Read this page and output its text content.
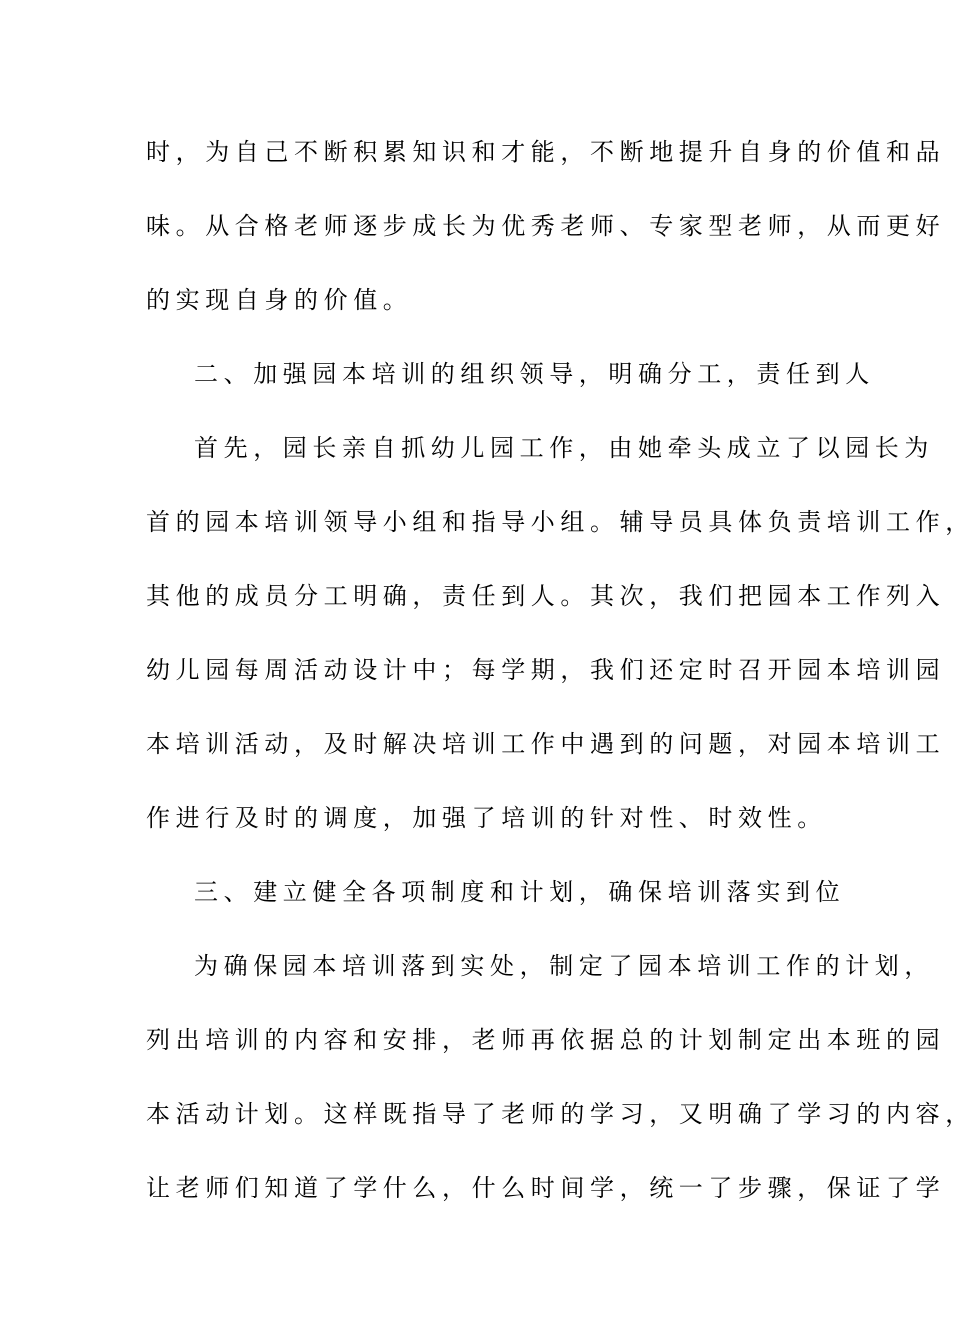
时，为自己不断积累知识和才能，不断地提升自身的价值和品
味。从合格老师逐步成长为优秀老师、专家型老师，从而更好
的实现自身的价值。
二、加强园本培训的组织领导，明确分工，责任到人
首先，园长亲自抓幼儿园工作，由她牵头成立了以园长为
首的园本培训领导小组和指导小组。辅导员具体负责培训工作，
其他的成员分工明确，责任到人。其次，我们把园本工作列入
幼儿园每周活动设计中；每学期，我们还定时召开园本培训园
本培训活动，及时解决培训工作中遇到的问题，对园本培训工
作进行及时的调度，加强了培训的针对性、时效性。
三、建立健全各项制度和计划，确保培训落实到位
为确保园本培训落到实处，制定了园本培训工作的计划，
列出培训的内容和安排，老师再依据总的计划制定出本班的园
本活动计划。这样既指导了老师的学习，又明确了学习的内容，
让老师们知道了学什么，什么时间学，统一了步骤，保证了学
